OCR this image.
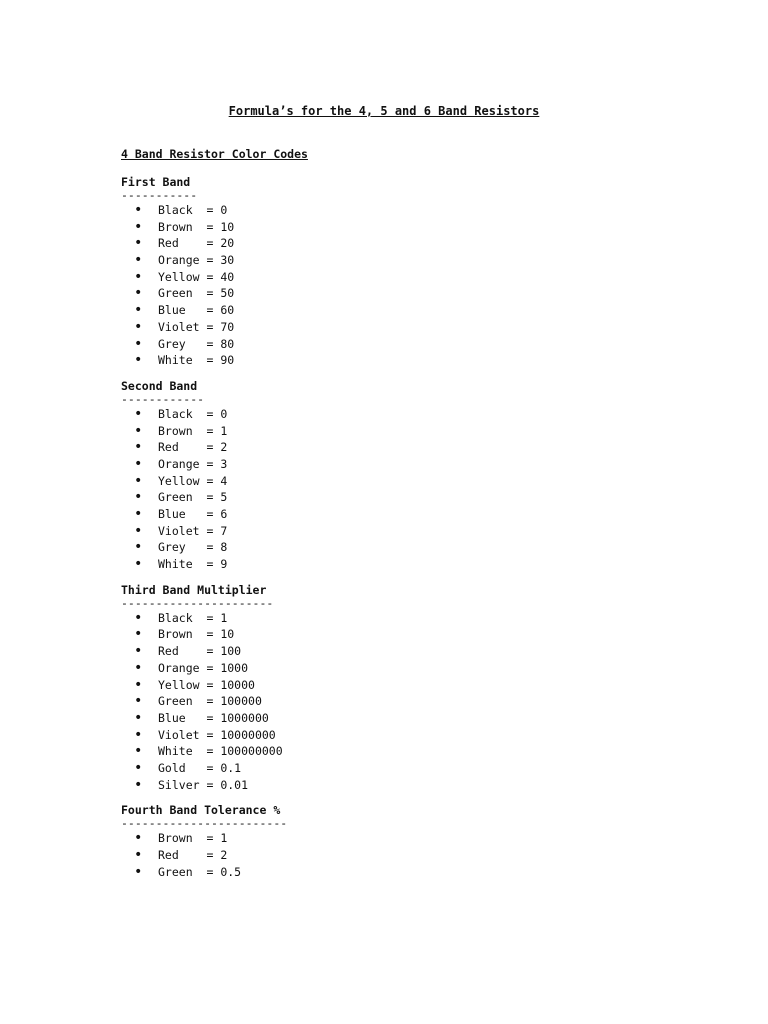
Formula’s for the 4, 5 and 6 Band Resistors

4 Band Resistor Color Codes

First Band

-----------

• Black  = 0
• Brown  = 10
• Red    = 20
• Orange = 30
• Yellow = 40
• Green  = 50
• Blue   = 60
• Violet = 70
• Grey   = 80
• White  = 90

Second Band

------------

• Black  = 0
• Brown  = 1
• Red    = 2
• Orange = 3
• Yellow = 4
• Green  = 5
• Blue   = 6
• Violet = 7
• Grey   = 8
• White  = 9

Third Band Multiplier

----------------------

• Black  = 1
• Brown  = 10
• Red    = 100
• Orange = 1000
• Yellow = 10000
• Green  = 100000
• Blue   = 1000000
• Violet = 10000000
• White  = 100000000
• Gold   = 0.1
• Silver = 0.01

Fourth Band Tolerance %

------------------------

• Brown  = 1
• Red    = 2
• Green  = 0.5
